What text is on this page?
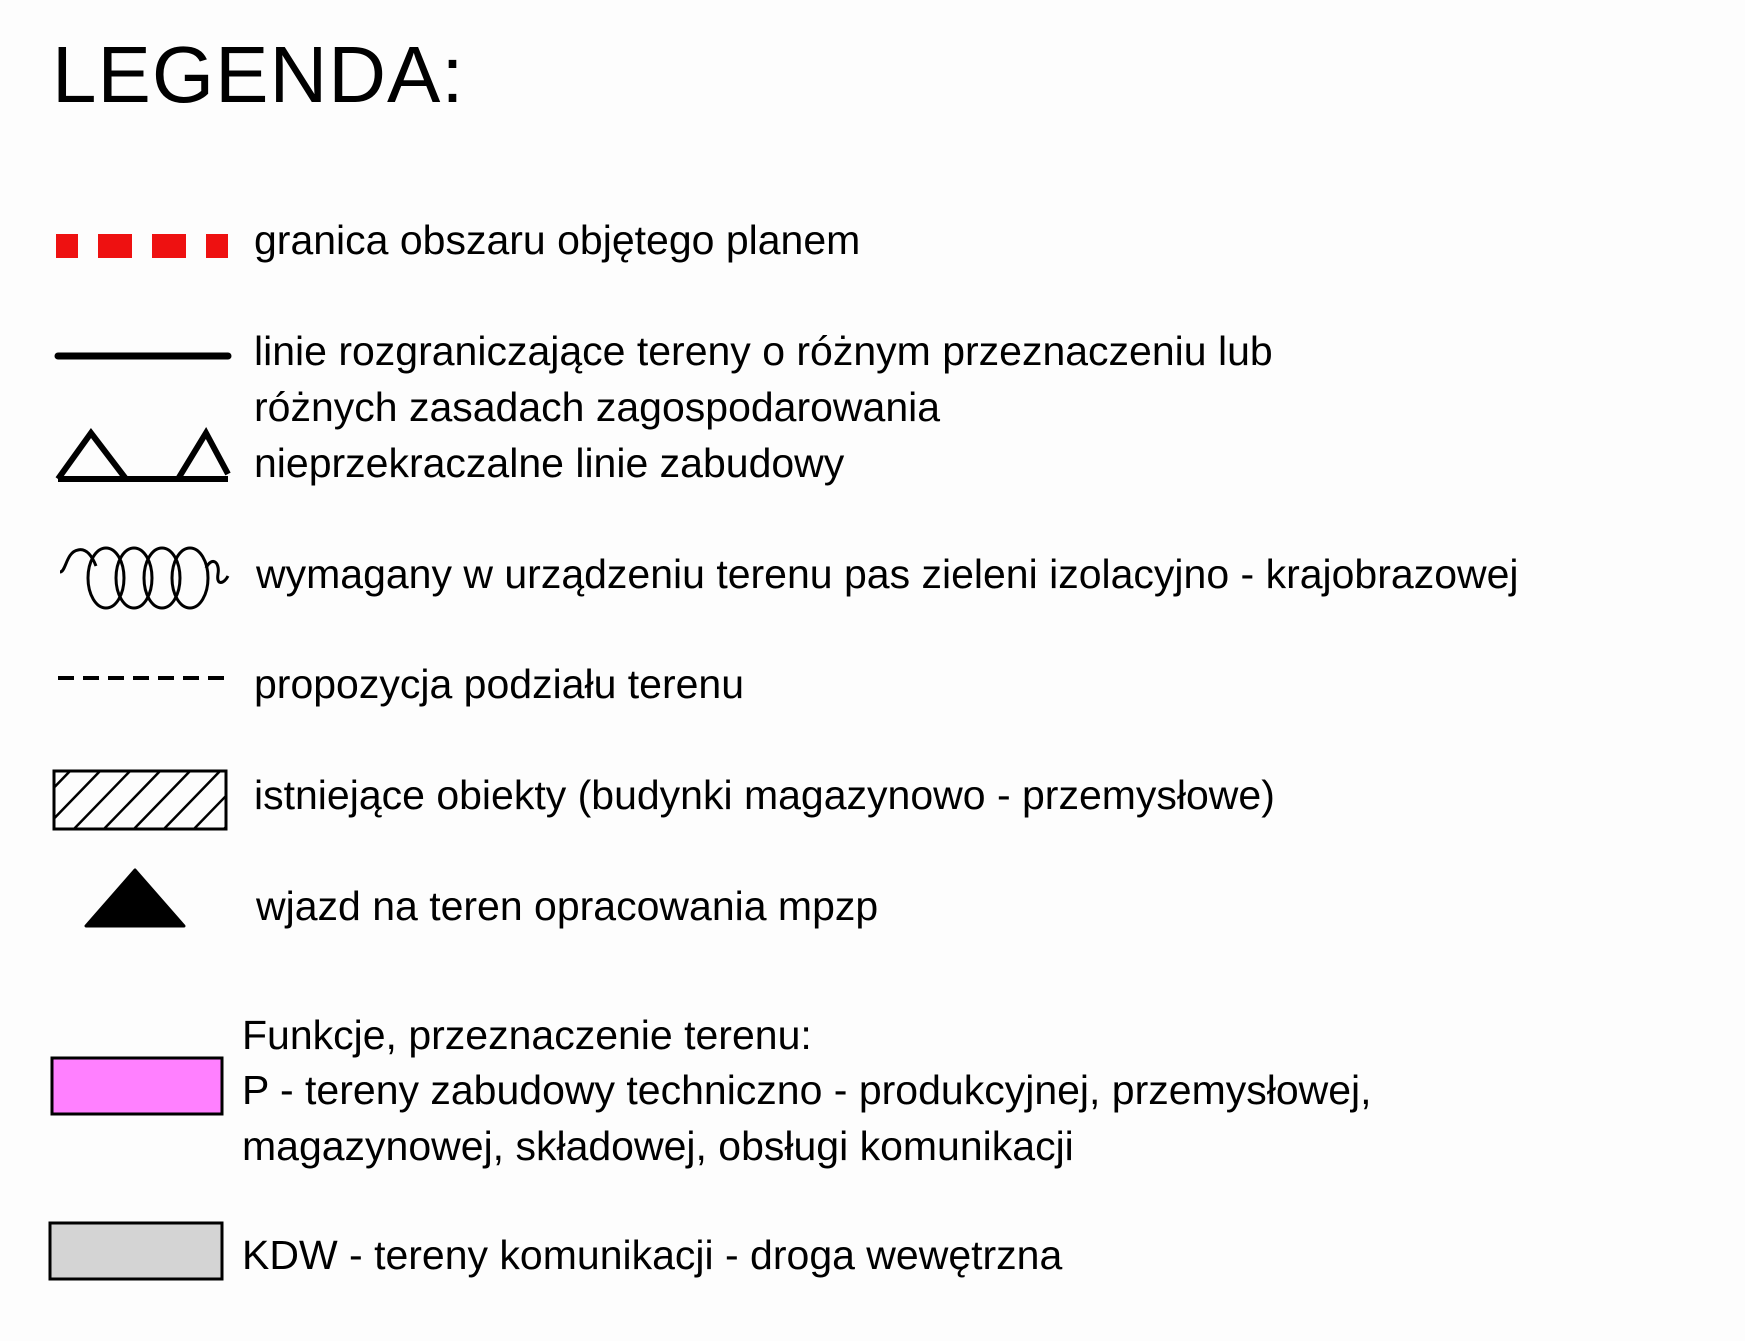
LEGENDA:
granica obszaru objętego planem
linie rozgraniczające tereny o różnym przeznaczeniu lub
różnych zasadach zagospodarowania
nieprzekraczalne linie zabudowy
wymagany w urządzeniu terenu pas zieleni izolacyjno - krajobrazowej
propozycja podziału terenu
istniejące obiekty (budynki magazynowo - przemysłowe)
wjazd na teren opracowania mpzp
Funkcje, przeznaczenie terenu:
P - tereny zabudowy techniczno - produkcyjnej, przemysłowej,
magazynowej, składowej, obsługi komunikacji
KDW - tereny komunikacji - droga wewętrzna
